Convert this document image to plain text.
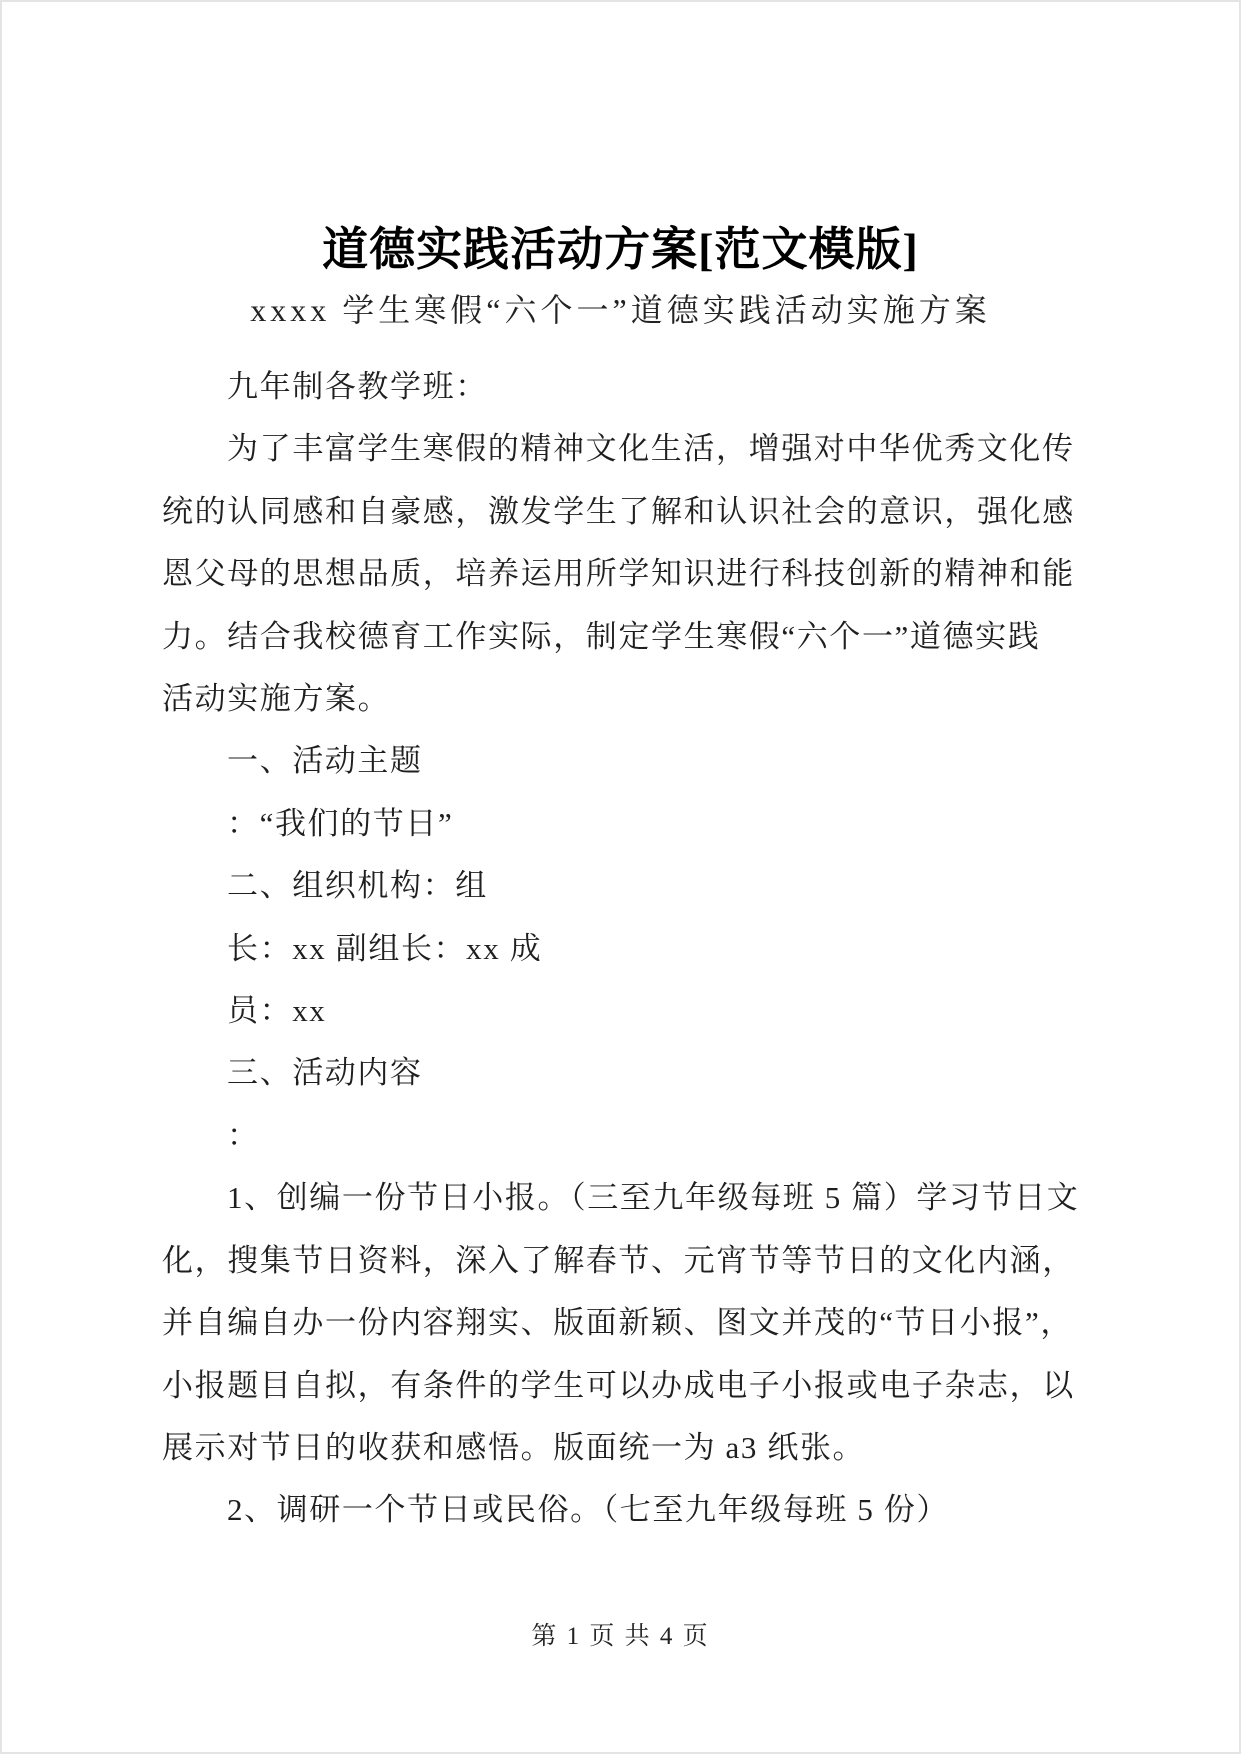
道德实践活动方案[范文模版]
xxxx 学生寒假“六个一”道德实践活动实施方案
九年制各教学班：
为了丰富学生寒假的精神文化生活，增强对中华优秀文化传
统的认同感和自豪感，激发学生了解和认识社会的意识，强化感
恩父母的思想品质，培养运用所学知识进行科技创新的精神和能
力。结合我校德育工作实际，制定学生寒假“六个一”道德实践
活动实施方案。
一、活动主题
：“我们的节日”
二、组织机构：组
长：xx 副组长：xx 成
员：xx
三、活动内容
：
1、创编一份节日小报。（三至九年级每班 5 篇）学习节日文
化，搜集节日资料，深入了解春节、元宵节等节日的文化内涵，
并自编自办一份内容翔实、版面新颖、图文并茂的“节日小报”，
小报题目自拟，有条件的学生可以办成电子小报或电子杂志，以
展示对节日的收获和感悟。版面统一为 a3 纸张。
2、调研一个节日或民俗。（七至九年级每班 5 份）
第 1 页 共 4 页
